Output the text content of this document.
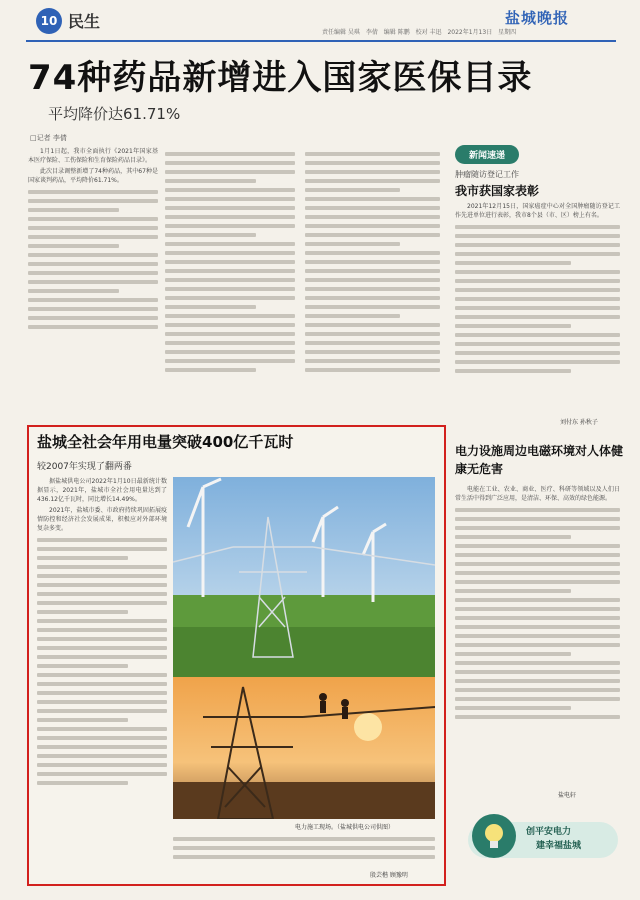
10 民生	盐城晚报
责任编辑 吴琪 李倩 编辑 陈鹏 校对 丰迅 2022年1月13日 星期四
74种药品新增进入国家医保目录
平均降价达61.71%
□记者 李倩

1月1日起，我市全面执行《2021年国家基本医疗保险、工伤保险和生育保险药品目录》。

此次目录调整新增了74种药品，其中67种是国家谈判药品，平均降价61.71%。

新闻速递
肿瘤随访登记工作
我市获国家表彰

2021年12月15日，国家癌症中心对全国肿瘤随访登记工作先进单位进行表彰，我市8个县（市、区）榜上有名。

刘付东 孙秋子
盐城全社会年用电量突破400亿千瓦时
较2007年实现了翻两番

据盐城供电公司2022年1月10日最新统计数据显示，2021年，盐城市全社会用电量达到了436.12亿千瓦时，同比增长14.49%。

2021年，盐城市委、市政府持续巩固拓展疫情防控和经济社会发展成果，积极应对外部环境复杂多变。

电力施工现场。（盐城供电公司供图）
殷芸楷 顾豫明
电力设施周边电磁环境对人体健康无危害

电能在工业、农业、商业、医疗、科研等领域以及人们日常生活中得到广泛应用，是清洁、环保、高效的绿色能源。

盐电轩
创平安电力
建幸福盐城
